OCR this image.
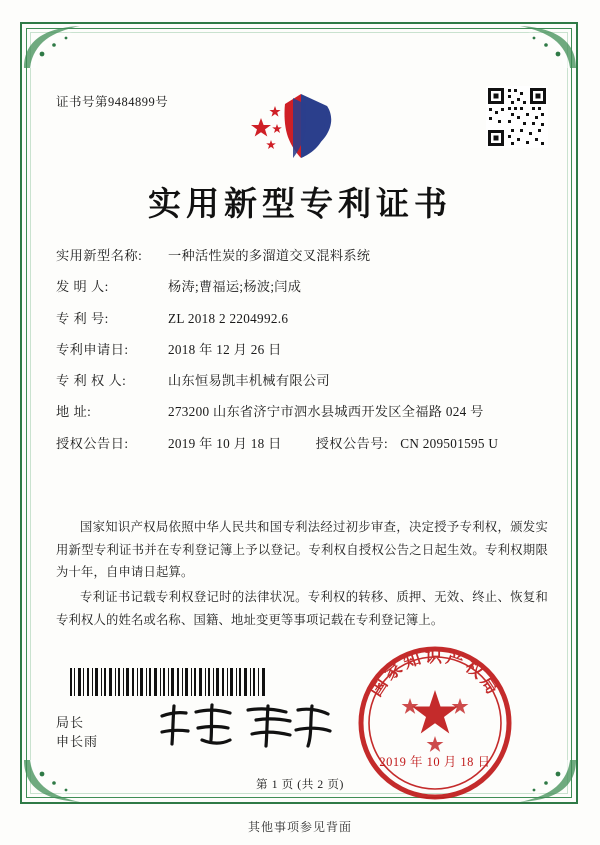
证书号第9484899号
实用新型专利证书
实用新型名称:	一种活性炭的多溜道交叉混料系统
发 明 人:	杨涛;曹福运;杨波;闫成
专 利 号:	ZL 2018 2 2204992.6
专利申请日:	2018 年 12 月 26 日
专 利 权 人:	山东恒易凯丰机械有限公司
地 址:	273200 山东省济宁市泗水县城西开发区全福路 024 号
授权公告日:	2019 年 10 月 18 日	授权公告号: CN 209501595 U

国家知识产权局依照中华人民共和国专利法经过初步审查，决定授予专利权，颁发实用新型专利证书并在专利登记簿上予以登记。专利权自授权公告之日起生效。专利权期限为十年，自申请日起算。

专利证书记载专利权登记时的法律状况。专利权的转移、质押、无效、终止、恢复和专利权人的姓名或名称、国籍、地址变更等事项记载在专利登记簿上。

局长
申长雨
国家知识产权局
2019 年 10 月 18 日
第 1 页 (共 2 页)
其他事项参见背面
